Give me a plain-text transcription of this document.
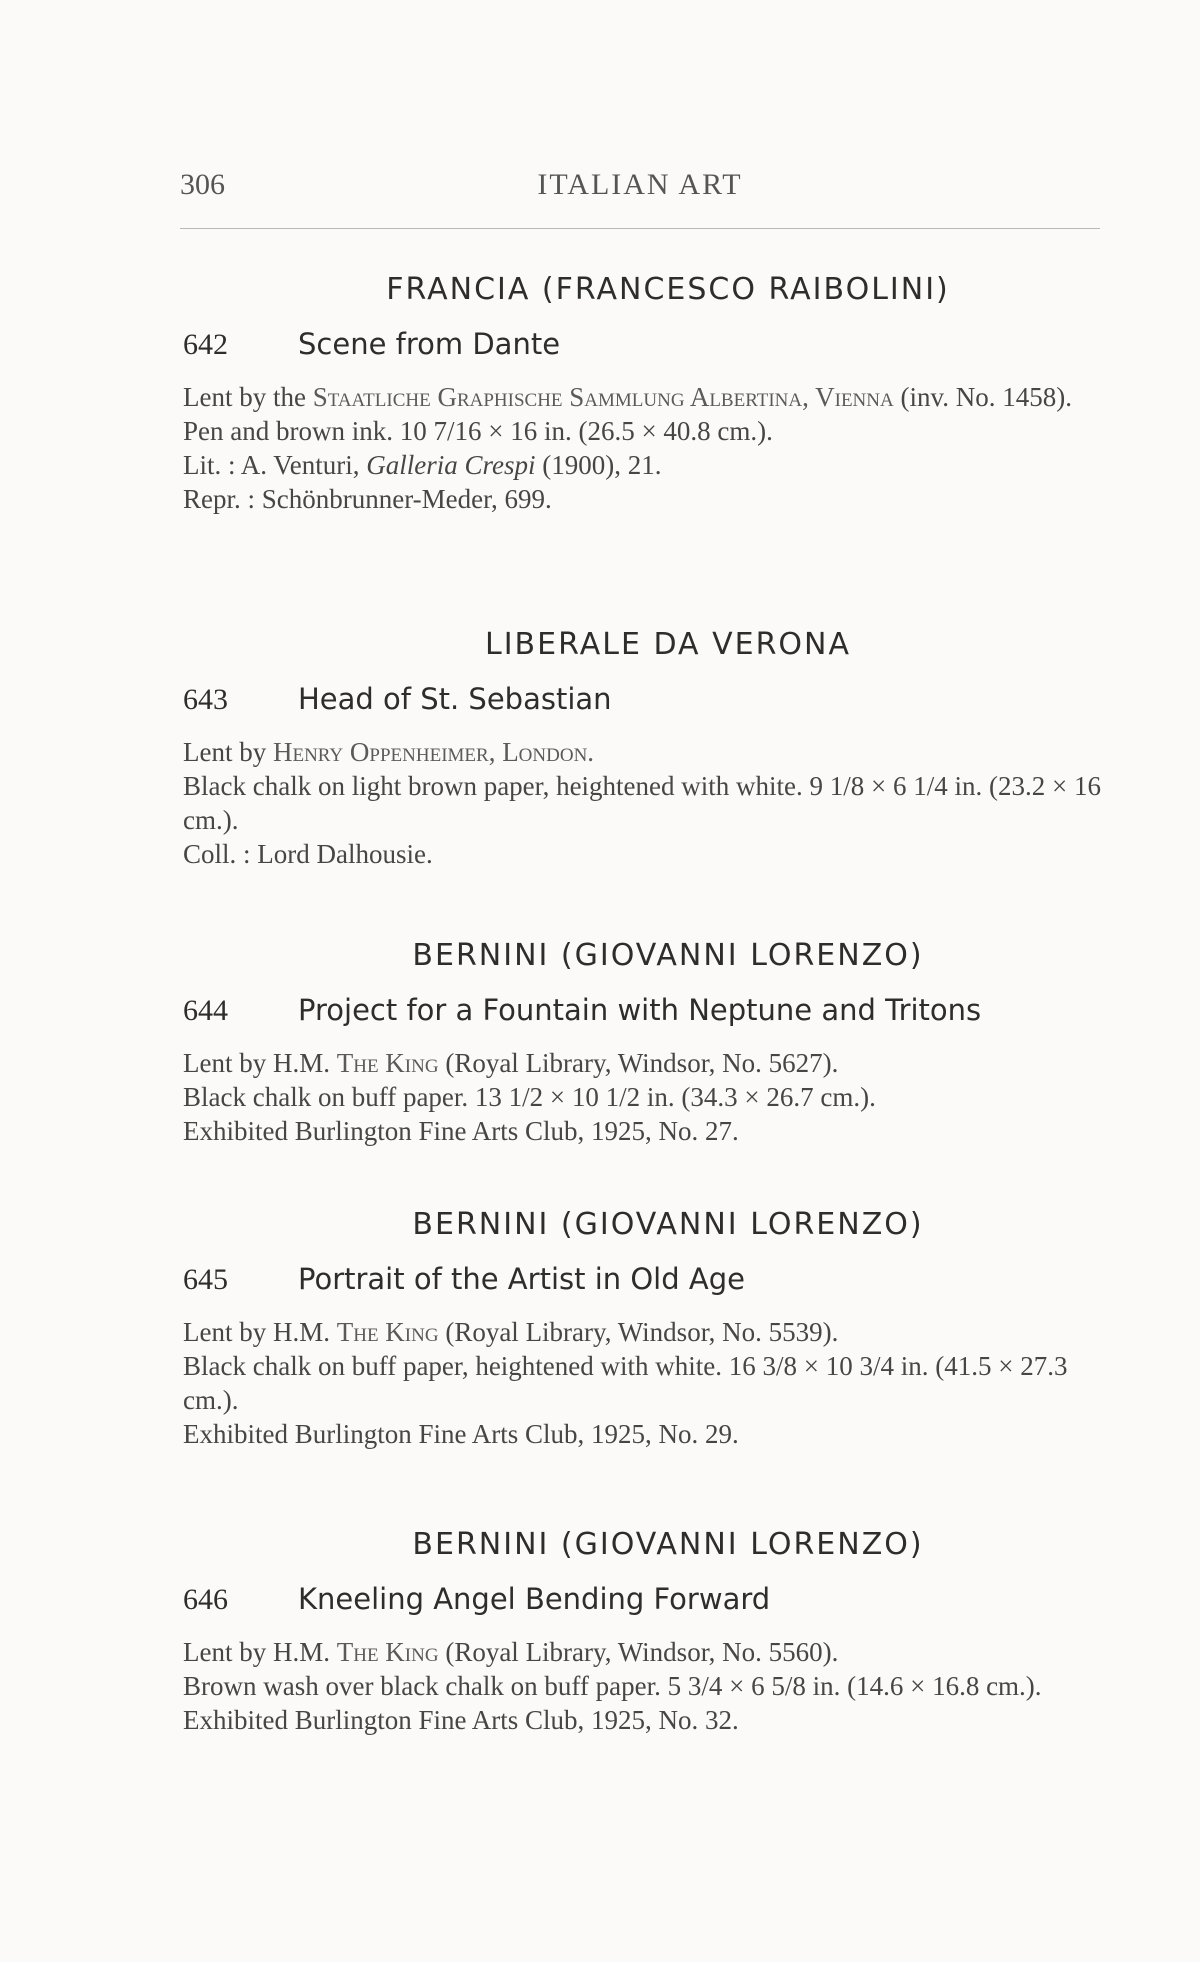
306	ITALIAN ART
FRANCIA (FRANCESCO RAIBOLINI)
642 Scene from Dante

Lent by the Staatliche Graphische Sammlung Albertina, Vienna (inv. No. 1458).

Pen and brown ink. 10 7/16 × 16 in. (26.5 × 40.8 cm.).

Lit. : A. Venturi, Galleria Crespi (1900), 21.

Repr. : Schönbrunner-Meder, 699.

LIBERALE DA VERONA
643 Head of St. Sebastian

Lent by Henry Oppenheimer, London.

Black chalk on light brown paper, heightened with white. 9 1/8 × 6 1/4 in. (23.2 × 16 cm.).

Coll. : Lord Dalhousie.

BERNINI (GIOVANNI LORENZO)
644 Project for a Fountain with Neptune and Tritons

Lent by H.M. The King (Royal Library, Windsor, No. 5627).

Black chalk on buff paper. 13 1/2 × 10 1/2 in. (34.3 × 26.7 cm.).

Exhibited Burlington Fine Arts Club, 1925, No. 27.

BERNINI (GIOVANNI LORENZO)
645 Portrait of the Artist in Old Age

Lent by H.M. The King (Royal Library, Windsor, No. 5539).

Black chalk on buff paper, heightened with white. 16 3/8 × 10 3/4 in. (41.5 × 27.3 cm.).

Exhibited Burlington Fine Arts Club, 1925, No. 29.

BERNINI (GIOVANNI LORENZO)
646 Kneeling Angel Bending Forward

Lent by H.M. The King (Royal Library, Windsor, No. 5560).

Brown wash over black chalk on buff paper. 5 3/4 × 6 5/8 in. (14.6 × 16.8 cm.).

Exhibited Burlington Fine Arts Club, 1925, No. 32.
